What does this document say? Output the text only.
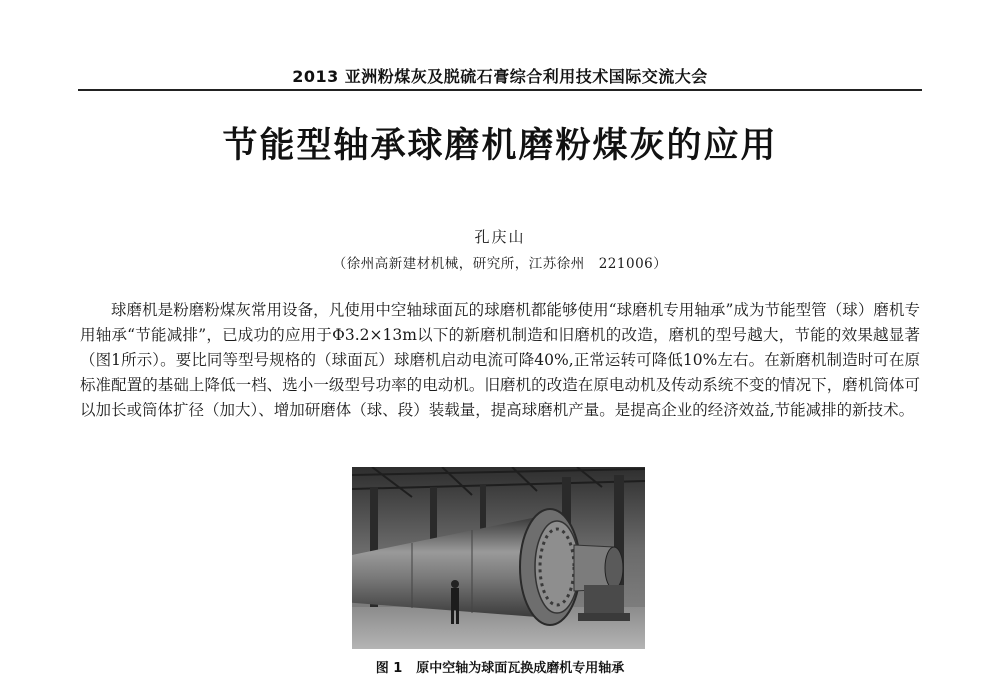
2013 亚洲粉煤灰及脱硫石膏综合利用技术国际交流大会
节能型轴承球磨机磨粉煤灰的应用
孔庆山
（徐州高新建材机械，研究所，江苏徐州　221006）

球磨机是粉磨粉煤灰常用设备，凡使用中空轴球面瓦的球磨机都能够使用“球磨机专用轴承”成为节能型管（球）磨机专用轴承“节能减排”，已成功的应用于Φ3.2×13m以下的新磨机制造和旧磨机的改造，磨机的型号越大，节能的效果越显著（图1所示）。要比同等型号规格的（球面瓦）球磨机启动电流可降40%,正常运转可降低10%左右。在新磨机制造时可在原标准配置的基础上降低一档、选小一级型号功率的电动机。旧磨机的改造在原电动机及传动系统不变的情况下，磨机筒体可以加长或筒体扩径（加大）、增加研磨体（球、段）装载量，提高球磨机产量。是提高企业的经济效益,节能减排的新技术。

图 1 原中空轴为球面瓦换成磨机专用轴承
